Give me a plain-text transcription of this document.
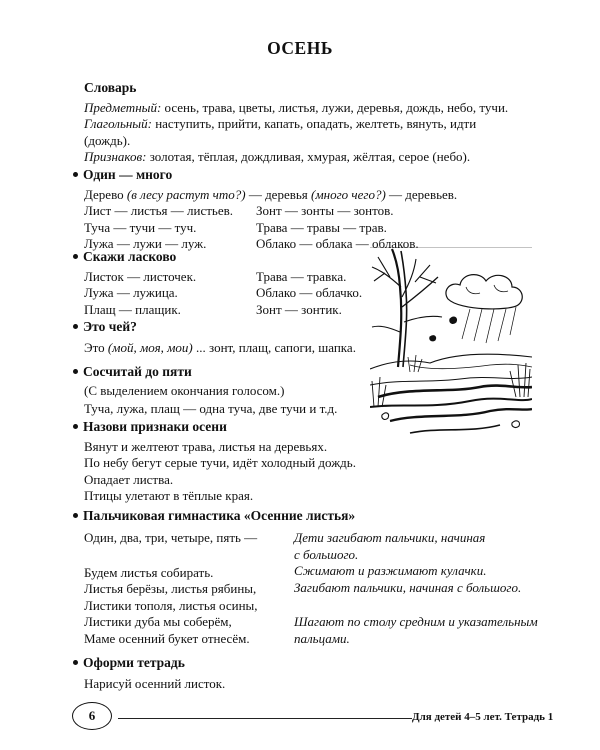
ОСЕНЬ
Словарь
Предметный: осень, трава, цветы, листья, лужи, деревья, дождь, небо, тучи.
Глагольный: наступить, прийти, капать, опадать, желтеть, вянуть, идти
(дождь).
Признаков: золотая, тёплая, дождливая, хмурая, жёлтая, серое (небо).
Один — много
Дерево (в лесу растут что?) — деревья (много чего?) — деревьев.
Лист — листья — листьев.
Туча — тучи — туч.
Лужа — лужи — луж.
Зонт — зонты — зонтов.
Трава — травы — трав.
Облако — облака — облаков.
Скажи ласково
Листок — листочек.
Лужа — лужица.
Плащ — плащик.
Трава — травка.
Облако — облачко.
Зонт — зонтик.
Это чей?
Это (мой, моя, мои) ... зонт, плащ, сапоги, шапка.
Сосчитай до пяти
(С выделением окончания голосом.)
Туча, лужа, плащ — одна туча, две тучи и т.д.
Назови признаки осени
Вянут и желтеют трава, листья на деревьях.
По небу бегут серые тучи, идёт холодный дождь.
Опадает листва.
Птицы улетают в тёплые края.
Пальчиковая гимнастика «Осенние листья»
Один, два, три, четыре, пять —
Будем листья собирать.
Листья берёзы, листья рябины,
Листики тополя, листья осины,
Листики дуба мы соберём,
Маме осенний букет отнесём.
Дети загибают пальчики, начиная
с большого.
Сжимают и разжимают кулачки.
Загибают пальчики, начиная с большого.
Шагают по столу средним и указательным
пальцами.
Оформи тетрадь
Нарисуй осенний листок.
6	Для детей 4–5 лет. Тетрадь 1
